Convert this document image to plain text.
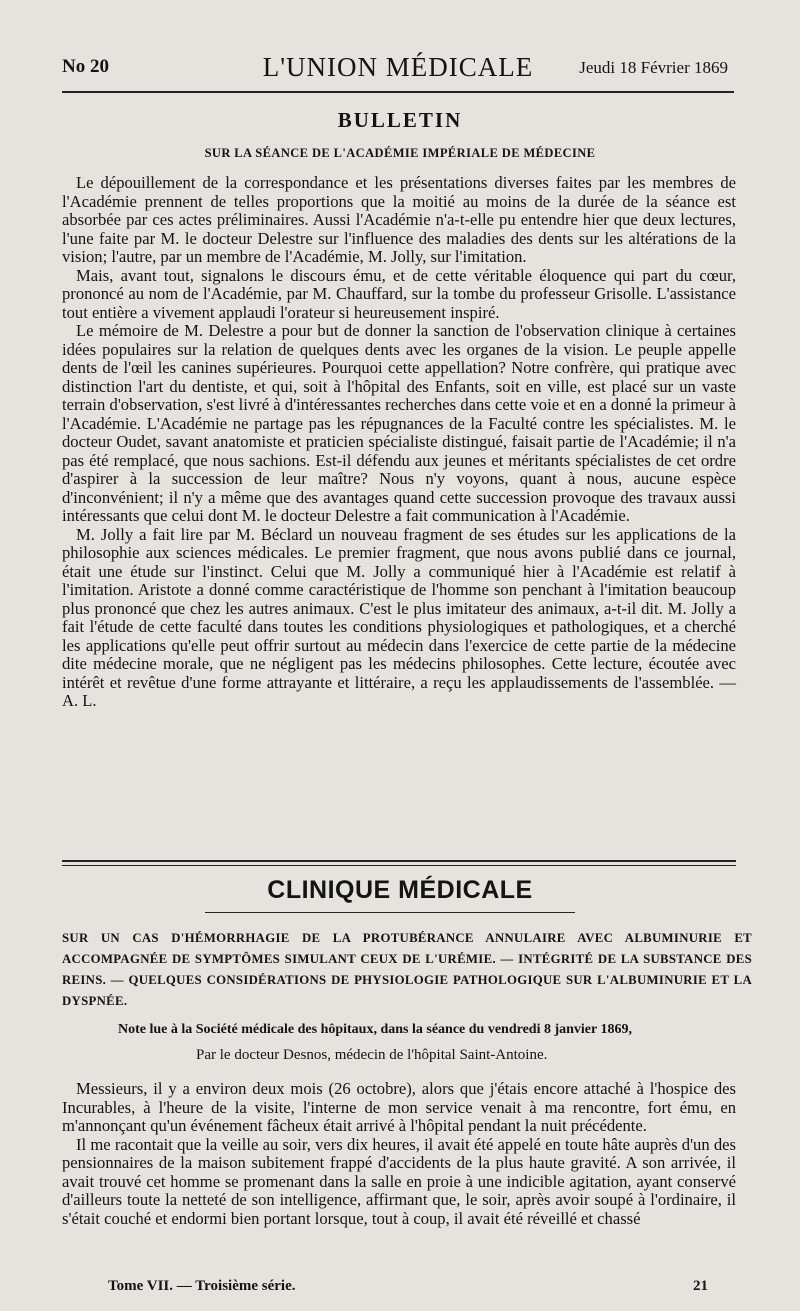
No 20	L'UNION MÉDICALE	Jeudi 18 Février 1869
BULLETIN
SUR LA SÉANCE DE L'ACADÉMIE IMPÉRIALE DE MÉDECINE

Le dépouillement de la correspondance et les présentations diverses faites par les membres de l'Académie prennent de telles proportions que la moitié au moins de la durée de la séance est absorbée par ces actes préliminaires. Aussi l'Académie n'a-t-elle pu entendre hier que deux lectures, l'une faite par M. le docteur Delestre sur l'influence des maladies des dents sur les altérations de la vision; l'autre, par un membre de l'Académie, M. Jolly, sur l'imitation.

Mais, avant tout, signalons le discours ému, et de cette véritable éloquence qui part du cœur, prononcé au nom de l'Académie, par M. Chauffard, sur la tombe du professeur Grisolle. L'assistance tout entière a vivement applaudi l'orateur si heureusement inspiré.

Le mémoire de M. Delestre a pour but de donner la sanction de l'observation clinique à certaines idées populaires sur la relation de quelques dents avec les organes de la vision. Le peuple appelle dents de l'œil les canines supérieures. Pourquoi cette appellation? Notre confrère, qui pratique avec distinction l'art du dentiste, et qui, soit à l'hôpital des Enfants, soit en ville, est placé sur un vaste terrain d'observation, s'est livré à d'intéressantes recherches dans cette voie et en a donné la primeur à l'Académie. L'Académie ne partage pas les répugnances de la Faculté contre les spécialistes. M. le docteur Oudet, savant anatomiste et praticien spécialiste distingué, faisait partie de l'Académie; il n'a pas été remplacé, que nous sachions. Est-il défendu aux jeunes et méritants spécialistes de cet ordre d'aspirer à la succession de leur maître? Nous n'y voyons, quant à nous, aucune espèce d'inconvénient; il n'y a même que des avantages quand cette succession provoque des travaux aussi intéressants que celui dont M. le docteur Delestre a fait communication à l'Académie.

M. Jolly a fait lire par M. Béclard un nouveau fragment de ses études sur les applications de la philosophie aux sciences médicales. Le premier fragment, que nous avons publié dans ce journal, était une étude sur l'instinct. Celui que M. Jolly a communiqué hier à l'Académie est relatif à l'imitation. Aristote a donné comme caractéristique de l'homme son penchant à l'imitation beaucoup plus prononcé que chez les autres animaux. C'est le plus imitateur des animaux, a-t-il dit. M. Jolly a fait l'étude de cette faculté dans toutes les conditions physiologiques et pathologiques, et a cherché les applications qu'elle peut offrir surtout au médecin dans l'exercice de cette partie de la médecine dite médecine morale, que ne négligent pas les médecins philosophes. Cette lecture, écoutée avec intérêt et revêtue d'une forme attrayante et littéraire, a reçu les applaudissements de l'assemblée. — A. L.

CLINIQUE MÉDICALE
SUR UN CAS D'HÉMORRHAGIE DE LA PROTUBÉRANCE ANNULAIRE AVEC ALBUMINURIE ET ACCOMPAGNÉE DE SYMPTÔMES SIMULANT CEUX DE L'URÉMIE. — INTÉGRITÉ DE LA SUBSTANCE DES REINS. — QUELQUES CONSIDÉRATIONS DE PHYSIOLOGIE PATHOLOGIQUE SUR L'ALBUMINURIE ET LA DYSPNÉE.
Note lue à la Société médicale des hôpitaux, dans la séance du vendredi 8 janvier 1869,
Par le docteur Desnos, médecin de l'hôpital Saint-Antoine.

Messieurs, il y a environ deux mois (26 octobre), alors que j'étais encore attaché à l'hospice des Incurables, à l'heure de la visite, l'interne de mon service venait à ma rencontre, fort ému, en m'annonçant qu'un événement fâcheux était arrivé à l'hôpital pendant la nuit précédente.

Il me racontait que la veille au soir, vers dix heures, il avait été appelé en toute hâte auprès d'un des pensionnaires de la maison subitement frappé d'accidents de la plus haute gravité. A son arrivée, il avait trouvé cet homme se promenant dans la salle en proie à une indicible agitation, ayant conservé d'ailleurs toute la netteté de son intelligence, affirmant que, le soir, après avoir soupé à l'ordinaire, il s'était couché et endormi bien portant lorsque, tout à coup, il avait été réveillé et chassé

Tome VII. — Troisième série.	21
